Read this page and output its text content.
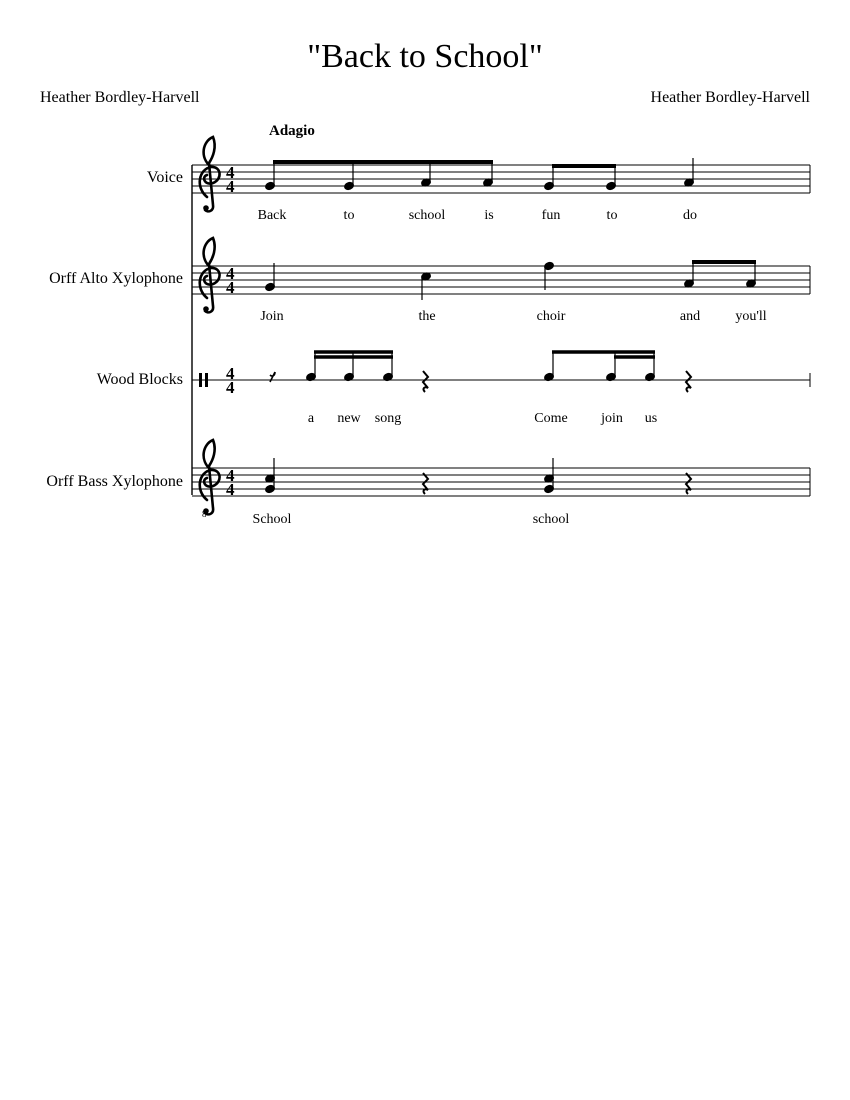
"Back to School"
Heather Bordley-Harvell	Heather Bordley-Harvell
Adagio
Voice
Orff Alto Xylophone
Wood Blocks
Orff Bass Xylophone
Back	to	school	is	fun	to	do
Join	the	choir	and	you'll
a new song	Come join us
School	school
4
4
4
4
4
4
8
4
4
